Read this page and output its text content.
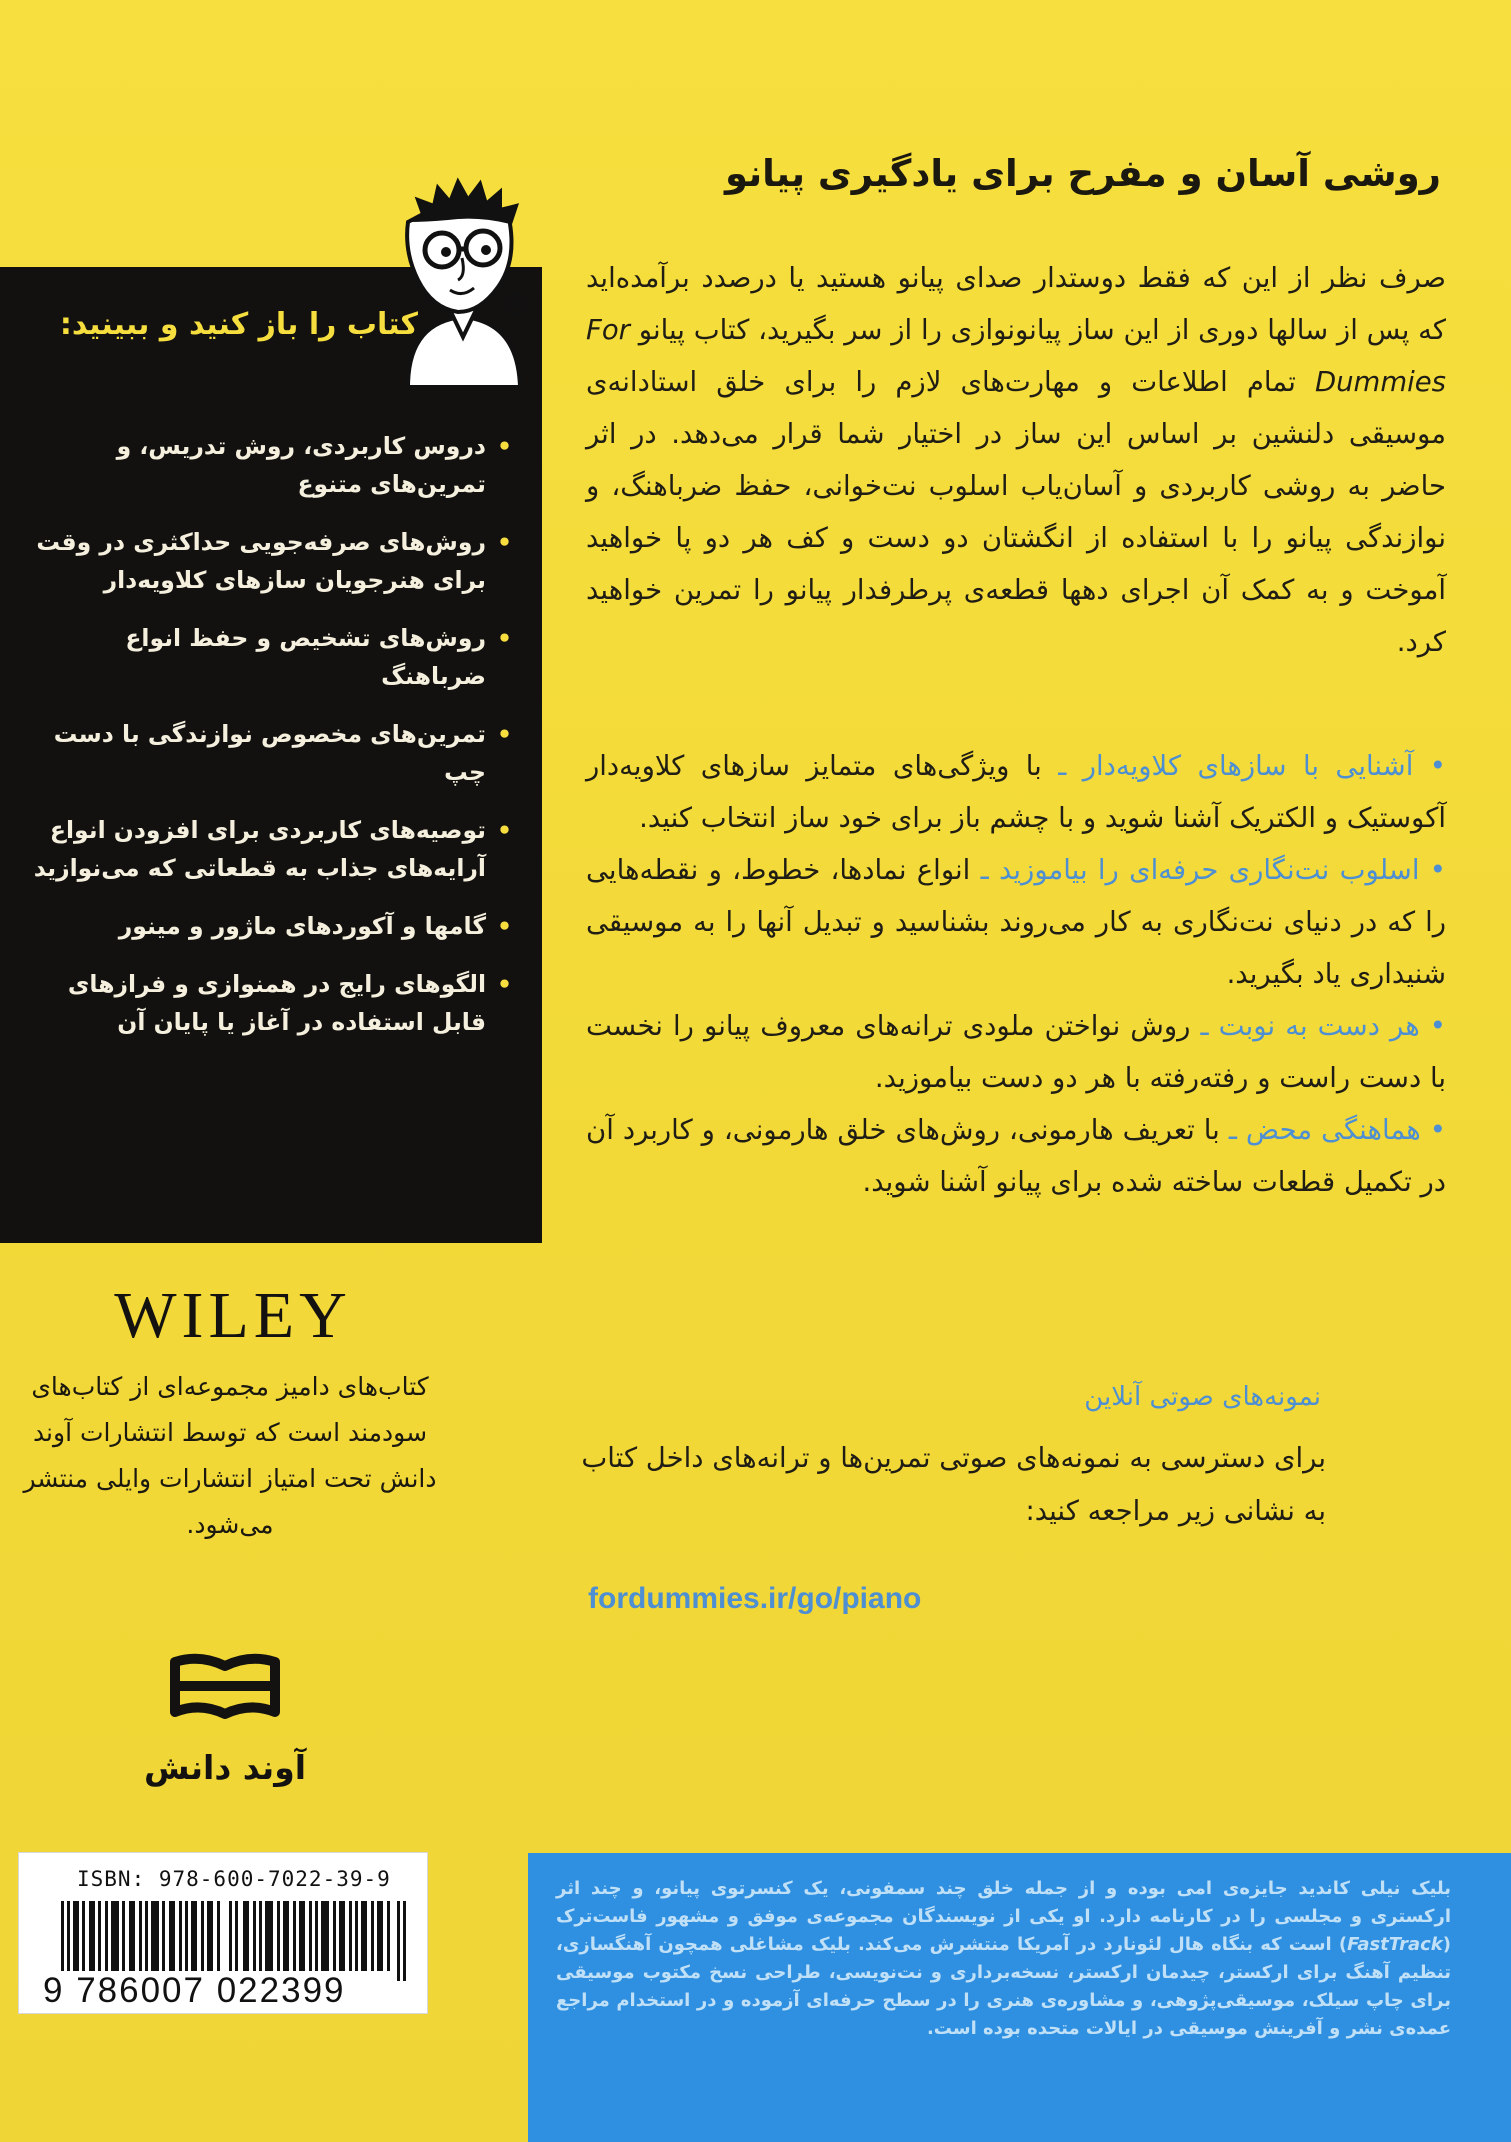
روشی آسان و مفرح برای یادگیری پیانو

صرف نظر از این که فقط دوستدار صدای پیانو هستید یا درصدد برآمده‌اید که پس از سالها دوری از این ساز پیانونوازی را از سر بگیرید، کتاب پیانو For Dummies تمام اطلاعات و مهارت‌های لازم را برای خلق استادانه‌ی موسیقی دلنشین بر اساس این ساز در اختیار شما قرار می‌دهد. در اثر حاضر به روشی کاربردی و آسان‌یاب اسلوب نت‌خوانی، حفظ ضرباهنگ، و نوازندگی پیانو را با استفاده از انگشتان دو دست و کف هر دو پا خواهید آموخت و به کمک آن اجرای دهها قطعه‌ی پرطرفدار پیانو را تمرین خواهید کرد.

• آشنایی با سازهای کلاویه‌دار ـ با ویژگی‌های متمایز سازهای کلاویه‌دار آکوستیک و الکتریک آشنا شوید و با چشم باز برای خود ساز انتخاب کنید.
• اسلوب نت‌نگاری حرفه‌ای را بیاموزید ـ انواع نمادها، خطوط، و نقطه‌هایی را که در دنیای نت‌نگاری به کار می‌روند بشناسید و تبدیل آنها را به موسیقی شنیداری یاد بگیرید.
• هر دست به نوبت ـ روش نواختن ملودی ترانه‌های معروف پیانو را نخست با دست راست و رفته‌رفته با هر دو دست بیاموزید.
• هماهنگی محض ـ با تعریف هارمونی، روش‌های خلق هارمونی، و کاربرد آن در تکمیل قطعات ساخته شده برای پیانو آشنا شوید.
نمونه‌های صوتی آنلاین
برای دسترسی به نمونه‌های صوتی تمرین‌ها و ترانه‌های داخل کتاب به نشانی زیر مراجعه کنید:
fordummies.ir/go/piano
کتاب را باز کنید و ببینید:
• دروس کاربردی، روش تدریس، و تمرین‌های متنوع
• روش‌های صرفه‌جویی حداکثری در وقت برای هنرجویان سازهای کلاویه‌دار
• روش‌های تشخیص و حفظ انواع ضرباهنگ
• تمرین‌های مخصوص نوازندگی با دست چپ
• توصیه‌های کاربردی برای افزودن انواع آرایه‌های جذاب به قطعاتی که می‌نوازید
• گامها و آکوردهای ماژور و مینور
• الگوهای رایج در همنوازی و فرازهای قابل استفاده در آغاز یا پایان آن
R
WILEY
کتاب‌های دامیز مجموعه‌ای از کتاب‌های سودمند است که توسط انتشارات آوند دانش تحت امتیاز انتشارات وایلی منتشر می‌شود.
آوند دانش
ISBN: 978-600-7022-39-9
9 786007 022399

بلیک نیلی کاندید جایزه‌ی امی بوده و از جمله خلق چند سمفونی، یک کنسرتوی پیانو، و چند اثر ارکستری و مجلسی را در کارنامه دارد. او یکی از نویسندگان مجموعه‌ی موفق و مشهور فاست‌ترک (FastTrack) است که بنگاه هال لئونارد در آمریکا منتشرش می‌کند. بلیک مشاغلی همچون آهنگسازی، تنظیم آهنگ برای ارکستر، چیدمان ارکستر، نسخه‌برداری و نت‌نویسی، طراحی نسخ مکتوب موسیقی برای چاپ سیلک، موسیقی‌پژوهی، و مشاوره‌ی هنری را در سطح حرفه‌ای آزموده و در استخدام مراجع عمده‌ی نشر و آفرینش موسیقی در ایالات متحده بوده است.
